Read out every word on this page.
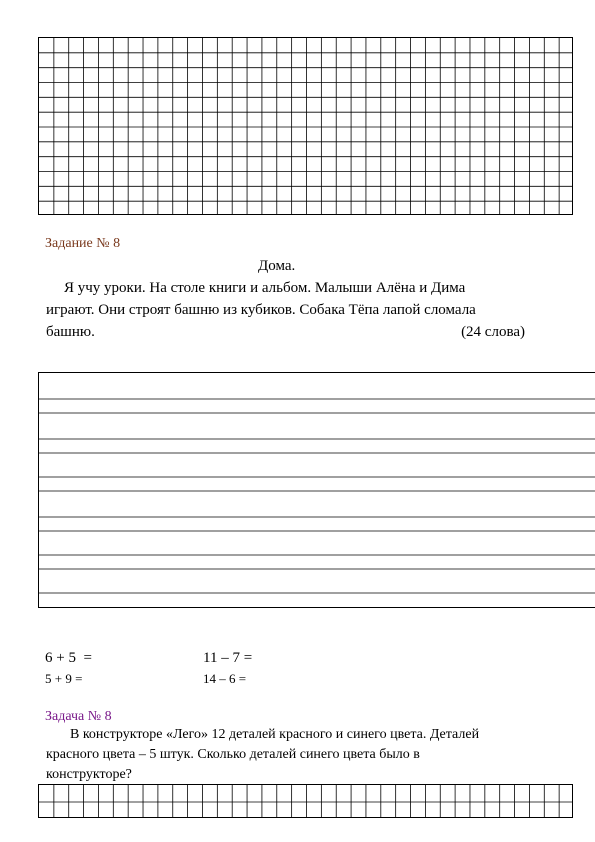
Задание № 8
Дома.
Я учу уроки. На столе книги и альбом. Малыши Алёна и Дима
играют. Они строят башню из кубиков. Собака Тёпа лапой сломала
башню.	(24 слова)
6 + 5  =	11 – 7 =
5 + 9 =	14 – 6 =
Задача № 8
В конструкторе «Лего» 12 деталей красного и синего цвета. Деталей
красного цвета – 5 штук. Сколько деталей синего цвета было в
конструкторе?
